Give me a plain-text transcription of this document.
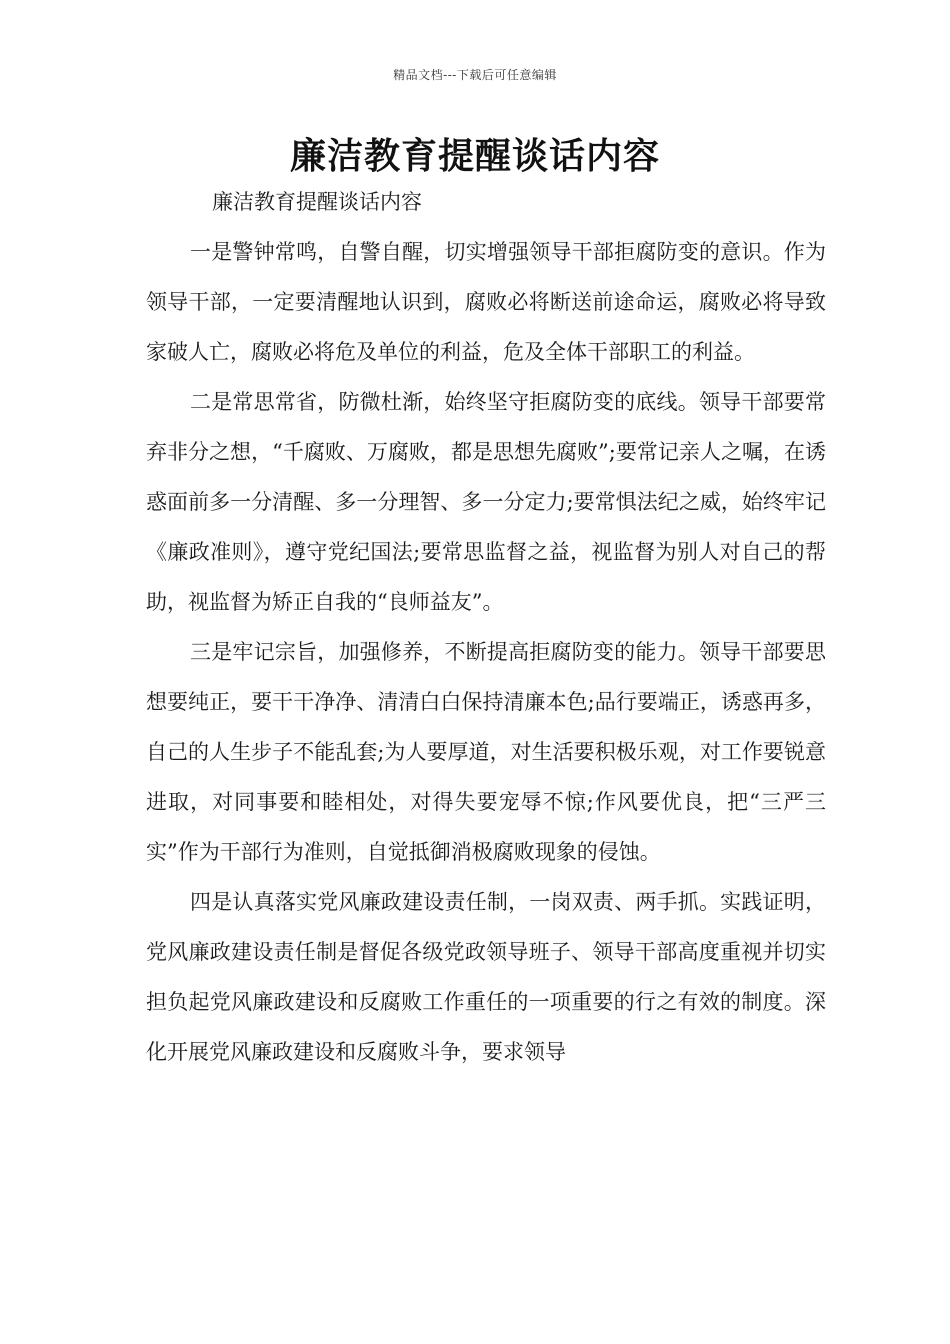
精品文档---下载后可任意编辑
廉洁教育提醒谈话内容
廉洁教育提醒谈话内容

一是警钟常鸣，自警自醒，切实增强领导干部拒腐防变的意识。作为领导干部，一定要清醒地认识到，腐败必将断送前途命运，腐败必将导致家破人亡，腐败必将危及单位的利益，危及全体干部职工的利益。

二是常思常省，防微杜渐，始终坚守拒腐防变的底线。领导干部要常弃非分之想，“千腐败、万腐败，都是思想先腐败”;要常记亲人之嘱，在诱惑面前多一分清醒、多一分理智、多一分定力;要常惧法纪之威，始终牢记《廉政准则》，遵守党纪国法;要常思监督之益，视监督为别人对自己的帮助，视监督为矫正自我的“良师益友”。

三是牢记宗旨，加强修养，不断提高拒腐防变的能力。领导干部要思想要纯正，要干干净净、清清白白保持清廉本色;品行要端正，诱惑再多，自己的人生步子不能乱套;为人要厚道，对生活要积极乐观，对工作要锐意进取，对同事要和睦相处，对得失要宠辱不惊;作风要优良，把“三严三实”作为干部行为准则，自觉抵御消极腐败现象的侵蚀。

四是认真落实党风廉政建设责任制，一岗双责、两手抓。实践证明，党风廉政建设责任制是督促各级党政领导班子、领导干部高度重视并切实担负起党风廉政建设和反腐败工作重任的一项重要的行之有效的制度。深化开展党风廉政建设和反腐败斗争，要求领导
